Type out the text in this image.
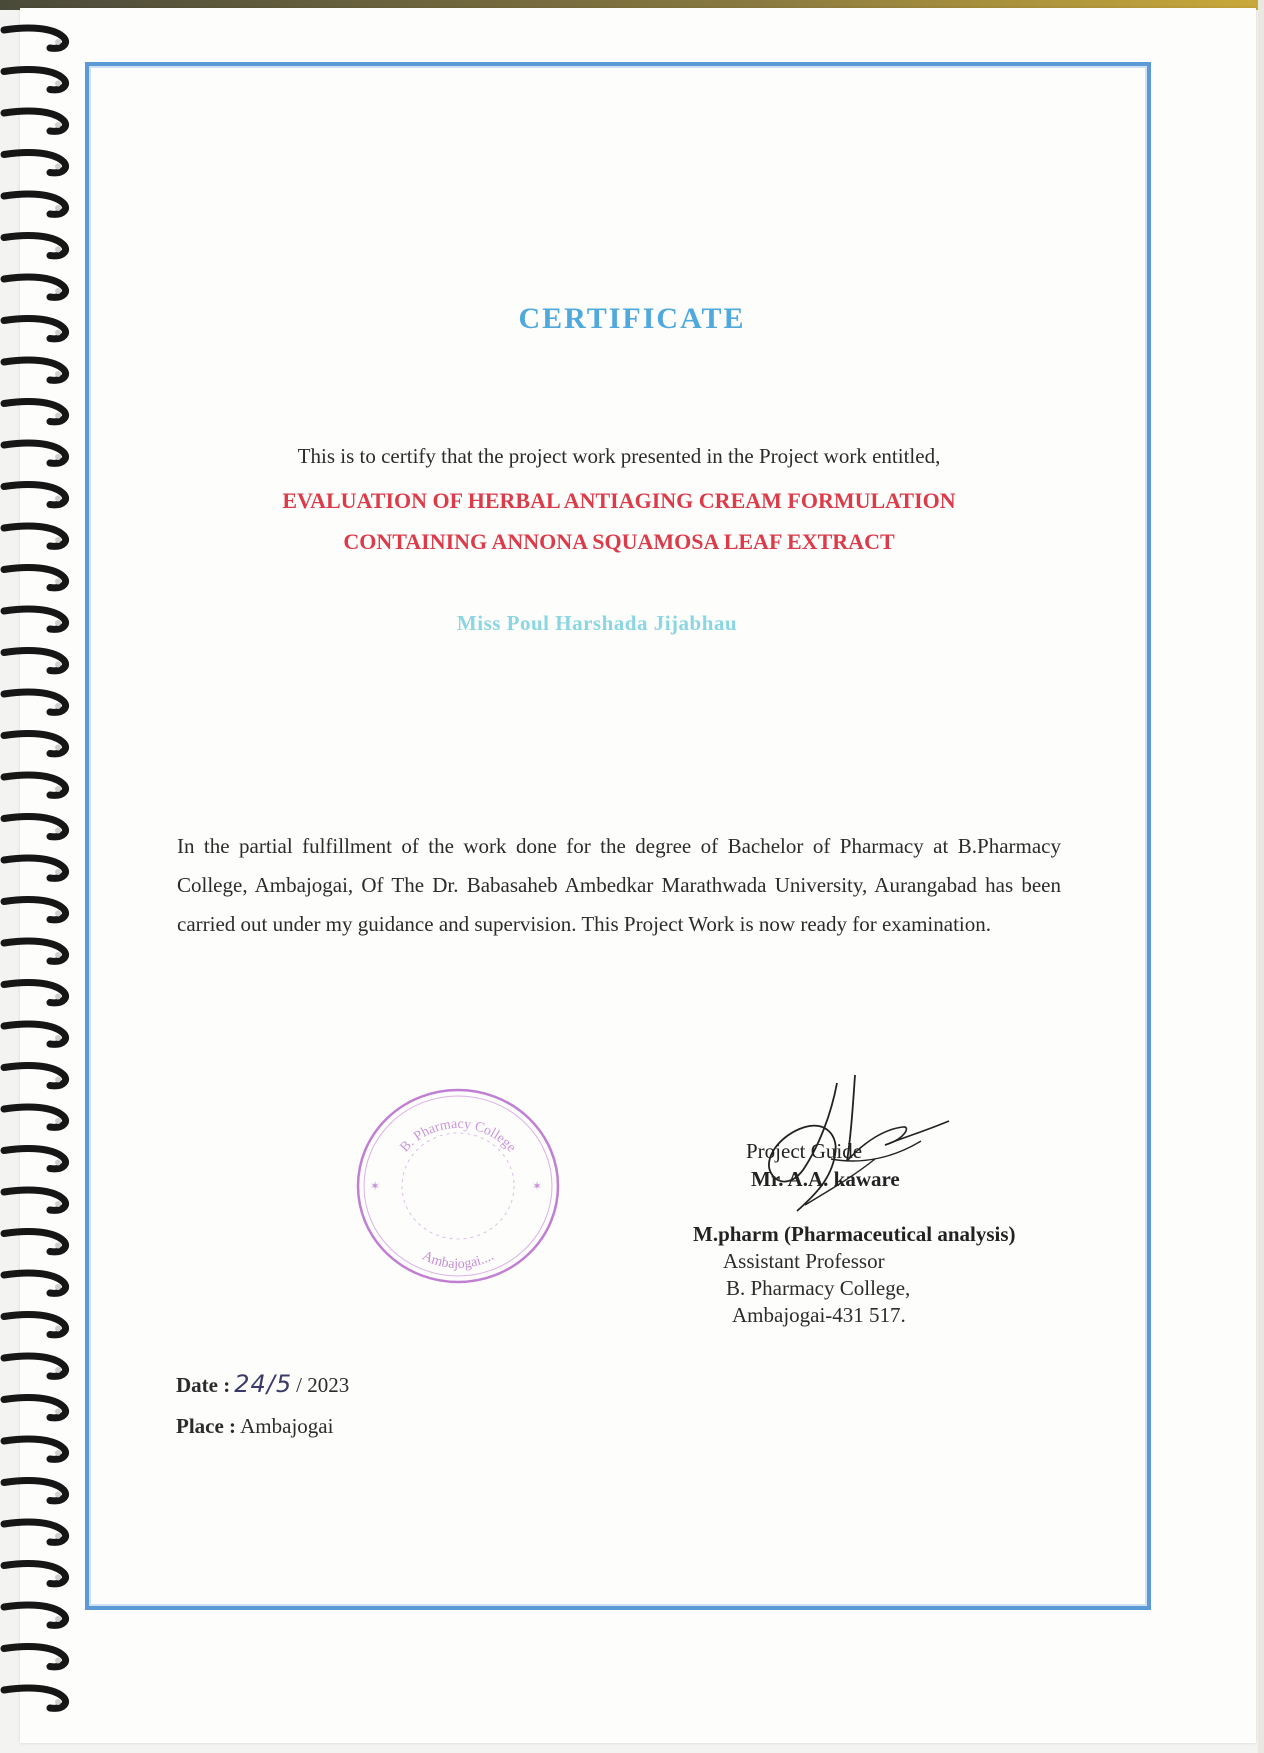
CERTIFICATE
This is to certify that the project work presented in the Project work entitled,
EVALUATION OF HERBAL ANTIAGING CREAM FORMULATION
CONTAINING ANNONA SQUAMOSA LEAF EXTRACT
Miss Poul Harshada Jijabhau
In the partial fulfillment of the work done for the degree of Bachelor of Pharmacy at B.Pharmacy College, Ambajogai, Of The Dr. Babasaheb Ambedkar Marathwada University, Aurangabad has been carried out under my guidance and supervision. This Project Work is now ready for examination.
B. Pharmacy College
Ambajogai....
✶	✶
Project Guide
Mr. A.A. kaware
M.pharm (Pharmaceutical analysis)
Assistant Professor
B. Pharmacy College,
Ambajogai-431 517.
Date : 24/5 / 2023
Place : Ambajogai
